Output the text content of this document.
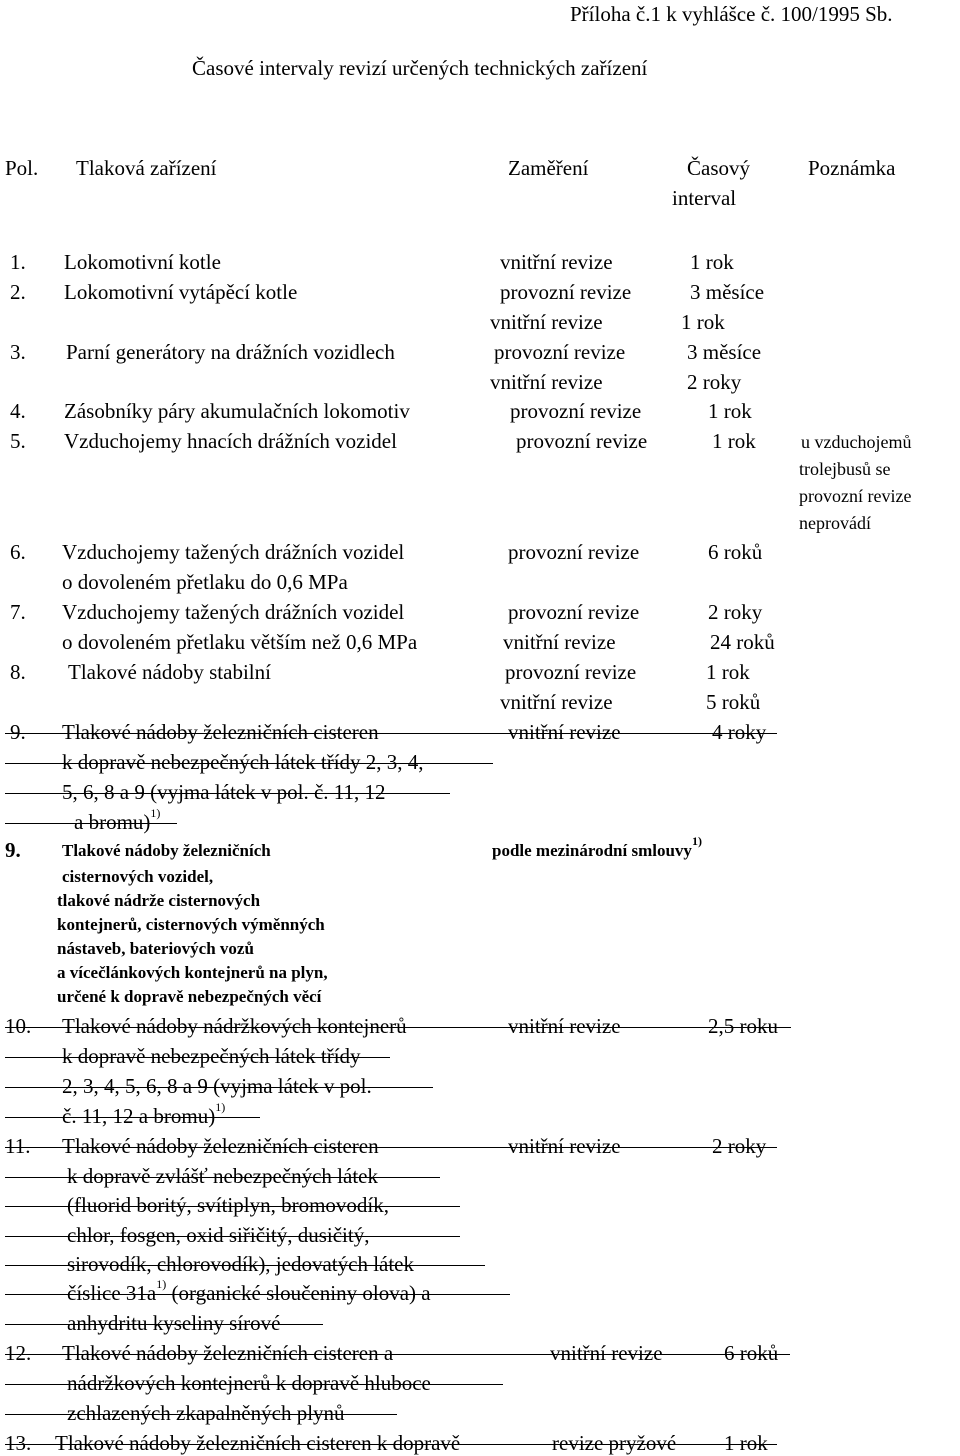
Příloha č.1 k vyhlášce č. 100/1995 Sb.
Časové intervaly revizí určených technických zařízení
Pol. Tlaková zařízení	Zaměření	Časový
interval
Poznámka
1. Lokomotivní kotle	vnitřní revize	1 rok
2. Lokomotivní vytápěcí kotle	provozní revize	3 měsíce
vnitřní revize	1 rok
3. Parní generátory na drážních vozidlech	provozní revize	3 měsíce
vnitřní revize	2 roky
4. Zásobníky páry akumulačních lokomotiv	provozní revize	1 rok
5. Vzduchojemy hnacích drážních vozidel	provozní revize	1 rok	u vzduchojemů
trolejbusů se
provozní revize
neprovádí
6. Vzduchojemy tažených drážních vozidel
o dovoleném přetlaku do 0,6 MPa
provozní revize	6 roků
7. Vzduchojemy tažených drážních vozidel
o dovoleném přetlaku větším než 0,6 MPa
provozní revize	2 roky
vnitřní revize	24 roků
8. Tlakové nádoby stabilní	provozní revize	1 rok
vnitřní revize	5 roků
9. Tlakové nádoby železničních cisteren	vnitřní revize	4 roky
k dopravě nebezpečných látek třídy 2, 3, 4,
5, 6, 8 a 9 (vyjma látek v pol. č. 11, 12
a bromu)$^{1)}$
9. Tlakové nádoby železničních	podle mezinárodní smlouvy$^{1)}$
cisternových vozidel,
tlakové nádrže cisternových
kontejnerů, cisternových výměnných
nástaveb, bateriových vozů
a vícečlánkových kontejnerů na plyn,
určené k dopravě nebezpečných věcí
10. Tlakové nádoby nádržkových kontejnerů	vnitřní revize	2,5 roku
k dopravě nebezpečných látek třídy
2, 3, 4, 5, 6, 8 a 9 (vyjma látek v pol.
č. 11, 12 a bromu)$^{1)}$
11. Tlakové nádoby železničních cisteren	vnitřní revize	2 roky
k dopravě zvlášť nebezpečných látek
(fluorid boritý, svítiplyn, bromovodík,
chlor, fosgen, oxid siřičitý, dusičitý,
sirovodík, chlorovodík), jedovatých látek
číslice $31a^{1)}$ (organické sloučeniny olova) a
anhydritu kyseliny sírové
12. Tlakové nádoby železničních cisteren a	vnitřní revize	6 roků
nádržkových kontejnerů k dopravě hluboce
zchlazených zkapalněných plynů
13. Tlakové nádoby železničních cisteren k dopravě	revize pryžové 1 rok
